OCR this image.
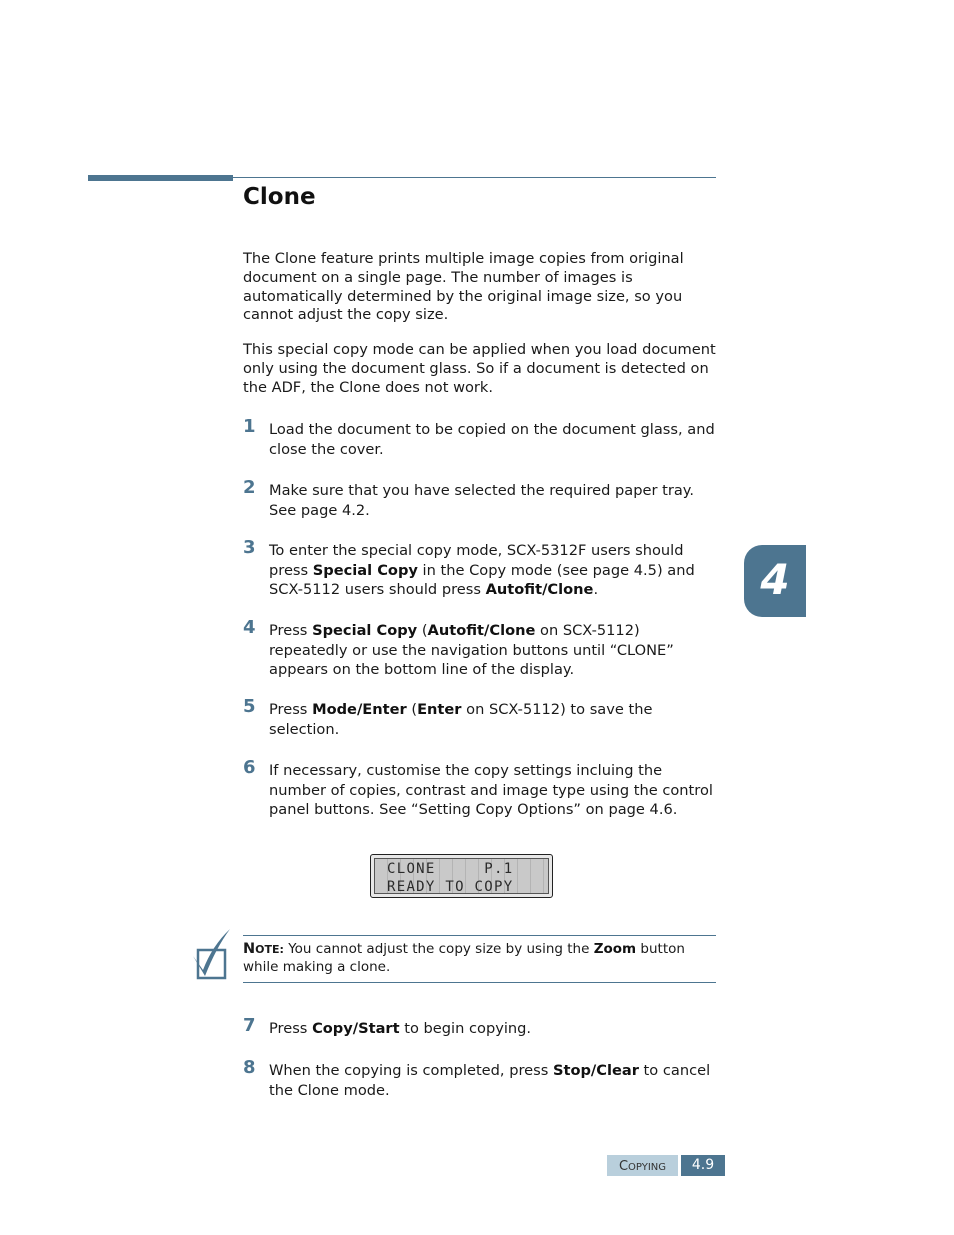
Clone

The Clone feature prints multiple image copies from original document on a single page. The number of images is automatically determined by the original image size, so you cannot adjust the copy size.

This special copy mode can be applied when you load document only using the document glass. So if a document is detected on the ADF, the Clone does not work.

1 Load the document to be copied on the document glass, and close the cover.

2 Make sure that you have selected the required paper tray. See page 4.2.

3 To enter the special copy mode, SCX-5312F users should press Special Copy in the Copy mode (see page 4.5) and SCX-5112 users should press Autofit/Clone.

4 Press Special Copy (Autofit/Clone on SCX-5112) repeatedly or use the navigation buttons until “CLONE” appears on the bottom line of the display.

5 Press Mode/Enter (Enter on SCX-5112) to save the selection.

6 If necessary, customise the copy settings incluing the number of copies, contrast and image type using the control panel buttons. See “Setting Copy Options” on page 4.6.

CLONE     P.1

READY TO COPY

NOTE: You cannot adjust the copy size by using the Zoom button while making a clone.

7 Press Copy/Start to begin copying.

8 When the copying is completed, press Stop/Clear to cancel the Clone mode.

4
COPYING	4.9
